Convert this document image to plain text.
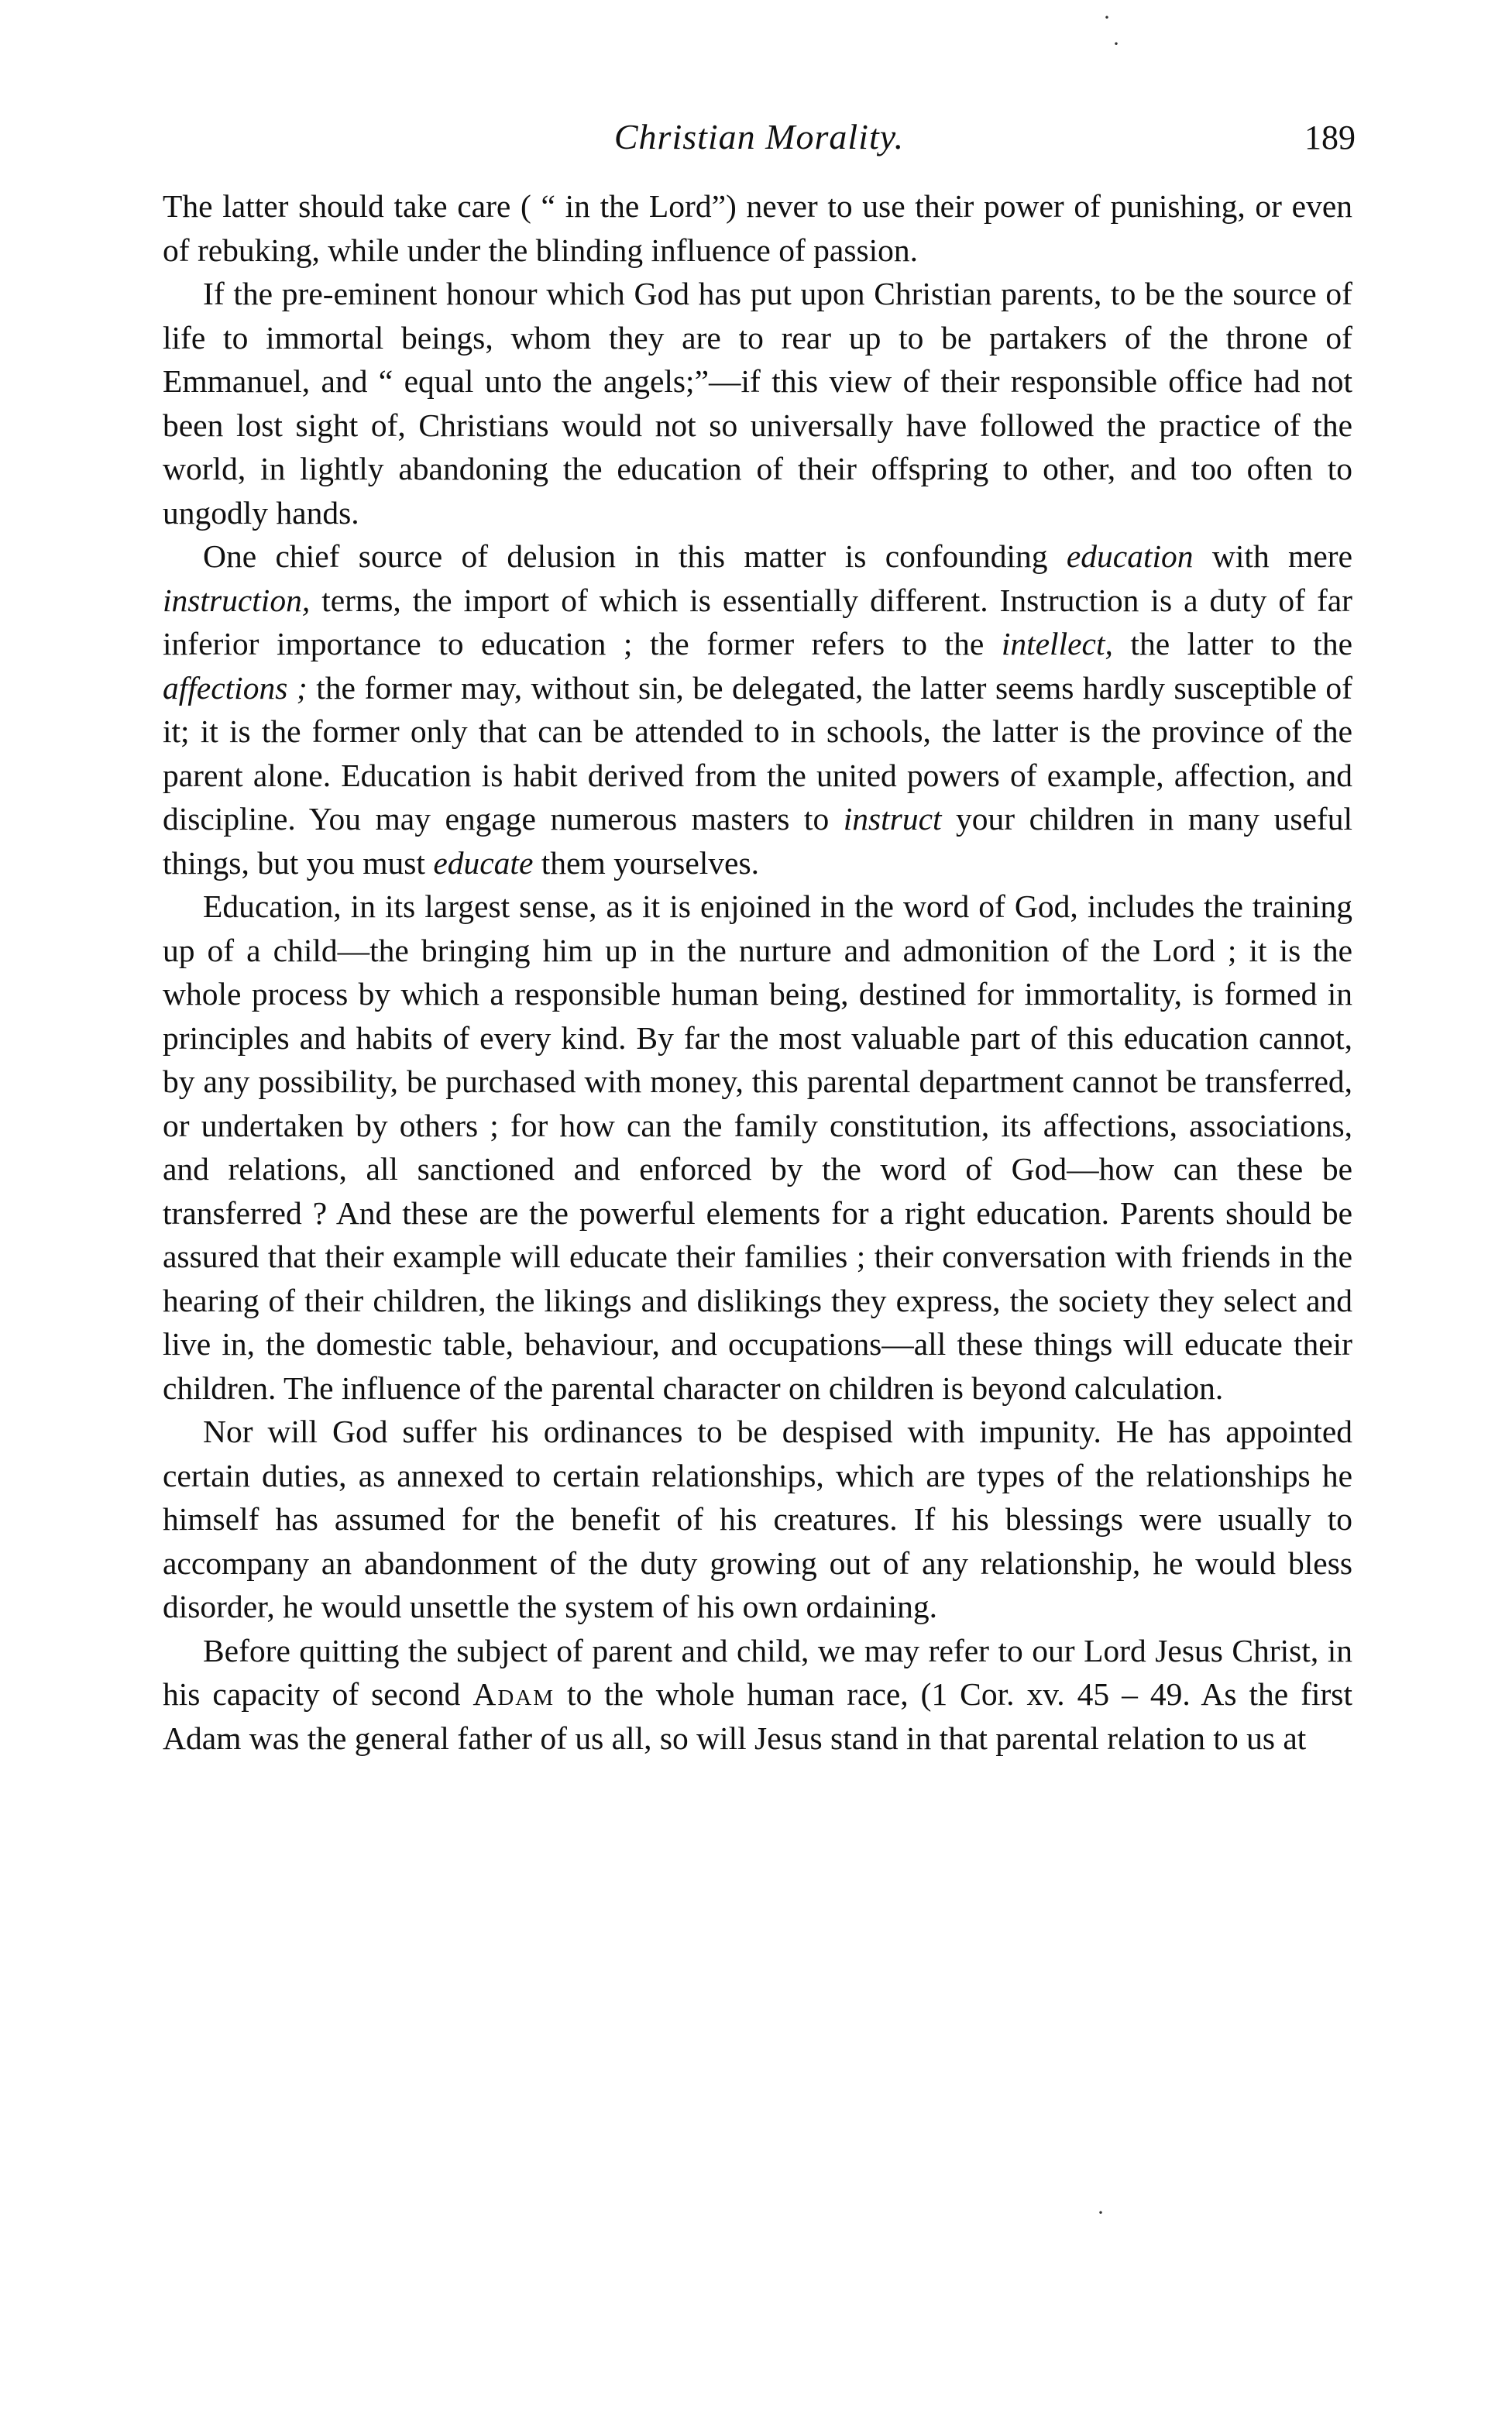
Christian Morality.	189

The latter should take care ( “ in the Lord”) never to use their power of punishing, or even of rebuking, while under the blinding influence of passion.

If the pre-eminent honour which God has put upon Christian parents, to be the source of life to immortal beings, whom they are to rear up to be partakers of the throne of Emmanuel, and “ equal unto the angels;”—if this view of their responsible office had not been lost sight of, Christians would not so universally have followed the practice of the world, in lightly abandoning the education of their offspring to other, and too often to ungodly hands.

One chief source of delusion in this matter is confounding education with mere instruction, terms, the import of which is essentially different. Instruction is a duty of far inferior importance to education ; the former refers to the intellect, the latter to the affections ; the former may, without sin, be delegated, the latter seems hardly susceptible of it; it is the former only that can be attended to in schools, the latter is the province of the parent alone. Education is habit derived from the united powers of example, affection, and discipline. You may engage numerous masters to instruct your children in many useful things, but you must educate them yourselves.

Education, in its largest sense, as it is enjoined in the word of God, includes the training up of a child—the bringing him up in the nurture and admonition of the Lord ; it is the whole process by which a responsible human being, destined for immortality, is formed in principles and habits of every kind. By far the most valuable part of this education cannot, by any possibility, be purchased with money, this parental department cannot be transferred, or undertaken by others ; for how can the family constitution, its affections, associations, and relations, all sanctioned and enforced by the word of God—how can these be transferred ? And these are the powerful elements for a right education. Parents should be assured that their example will educate their families ; their conversation with friends in the hearing of their children, the likings and dislikings they express, the society they select and live in, the domestic table, behaviour, and occupations—all these things will educate their children. The influence of the parental character on children is beyond calculation.

Nor will God suffer his ordinances to be despised with impunity. He has appointed certain duties, as annexed to certain relationships, which are types of the relationships he himself has assumed for the benefit of his creatures. If his blessings were usually to accompany an abandonment of the duty growing out of any relationship, he would bless disorder, he would unsettle the system of his own ordaining.

Before quitting the subject of parent and child, we may refer to our Lord Jesus Christ, in his capacity of second Adam to the whole human race, (1 Cor. xv. 45 – 49. As the first Adam was the general father of us all, so will Jesus stand in that parental relation to us at

·
·
·
